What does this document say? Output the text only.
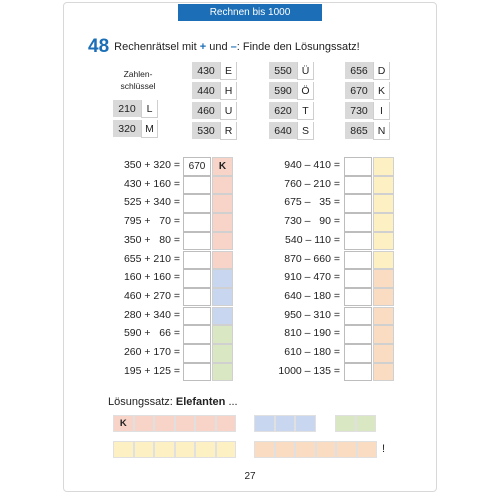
Rechnen bis 1000
48 Rechenrätsel mit + und –: Finde den Lösungssatz!
Zahlen-
schlüssel
210	L
320 M
430 E
440 H
460 U
530 R
550 Ü
590 Ö
620	T
640 S
656 D
670 K
730	I
865 N
350 + 320 = 670	K
430 + 160 =
525 + 340 =
795 +   70 =
350 +   80 =
655 + 210 =
160 + 160 =
460 + 270 =
280 + 340 =
590 +   66 =
260 + 170 =
195 + 125 =
940 – 410 =
760 – 210 =
675 –   35 =
730 –   90 =
540 – 110 =
870 – 660 =
910 – 470 =
640 – 180 =
950 – 310 =
810 – 190 =
610 – 180 =
1000 – 135 =
Lösungssatz: Elefanten ...
K
!
27
